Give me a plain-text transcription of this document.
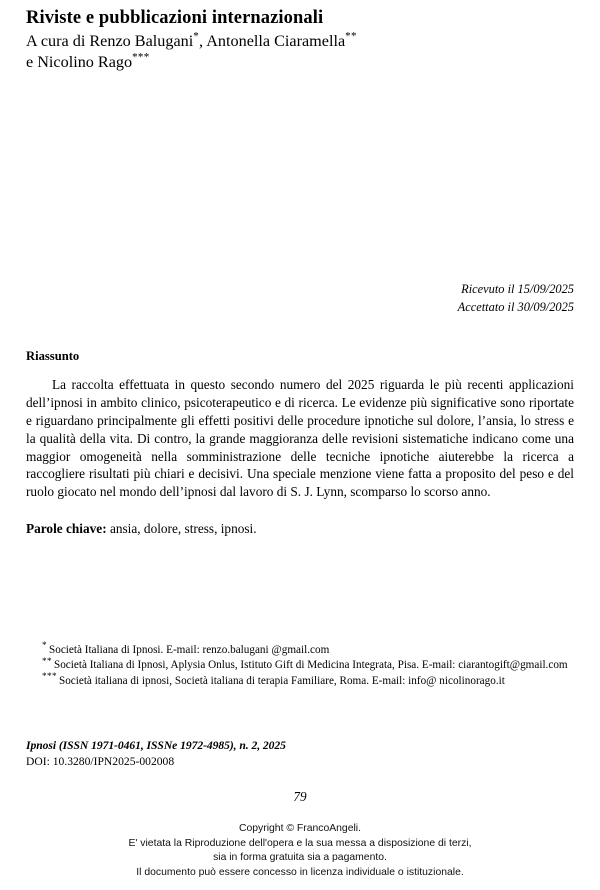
Riviste e pubblicazioni internazionali

A cura di Renzo Balugani*, Antonella Ciaramella**
e Nicolino Rago***

Ricevuto il 15/09/2025
Accettato il 30/09/2025
Riassunto

La raccolta effettuata in questo secondo numero del 2025 riguarda le più recenti applicazioni dell’ipnosi in ambito clinico, psicoterapeutico e di ricerca. Le evidenze più significative sono riportate e riguardano principalmente gli effetti positivi delle procedure ipnotiche sul dolore, l’ansia, lo stress e la qualità della vita. Di contro, la grande maggioranza delle revisioni sistematiche indicano come una maggior omogeneità nella somministrazione delle tecniche ipnotiche aiuterebbe la ricerca a raccogliere risultati più chiari e decisivi. Una speciale menzione viene fatta a proposito del peso e del ruolo giocato nel mondo dell’ipnosi dal lavoro di S. J. Lynn, scomparso lo scorso anno.

Parole chiave: ansia, dolore, stress, ipnosi.

* Società Italiana di Ipnosi. E-mail: renzo.balugani @gmail.com

** Società Italiana di Ipnosi, Aplysia Onlus, Istituto Gift di Medicina Integrata, Pisa. E-mail: ciarantogift@gmail.com

*** Società italiana di ipnosi, Società italiana di terapia Familiare, Roma. E-mail: info@ nicolinorago.it

Ipnosi (ISSN 1971-0461, ISSNe 1972-4985), n. 2, 2025
DOI: 10.3280/IPN2025-002008
79
Copyright © FrancoAngeli.
E' vietata la Riproduzione dell'opera e la sua messa a disposizione di terzi,
sia in forma gratuita sia a pagamento.
Il documento può essere concesso in licenza individuale o istituzionale.
